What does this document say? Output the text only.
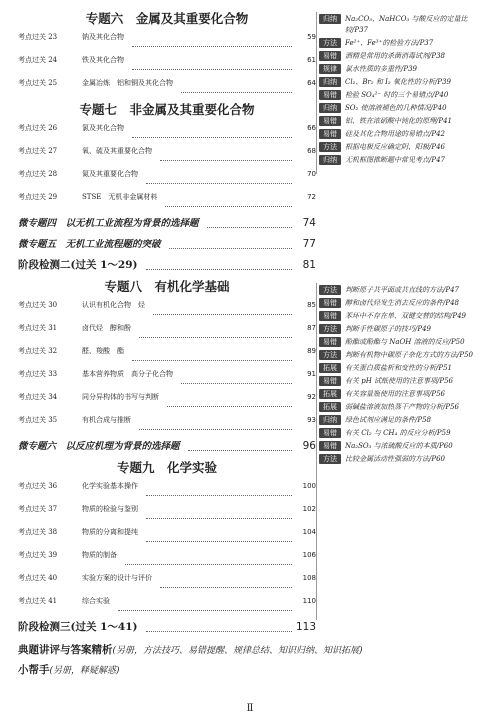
专题六　金属及其重要化合物
考点过关 23	钠及其化合物	59
考点过关 24	铁及其化合物	61
考点过关 25	金属冶炼　铝和铜及其化合物	64
专题七　非金属及其重要化合物
考点过关 26	氯及其化合物	66
考点过关 27	氧、硫及其重要化合物	68
考点过关 28	氮及其重要化合物	70
考点过关 29	STSE　无机非金属材料	72
微专题四　以无机工业流程为背景的选择题	74
微专题五　无机工业流程题的突破	77
阶段检测二(过关 1～29)	81
专题八　有机化学基础
考点过关 30	认识有机化合物　烃	85
考点过关 31	卤代烃　醇和酚	87
考点过关 32	醛、羧酸　酯	89
考点过关 33	基本营养物质　高分子化合物	91
考点过关 34	同分异构体的书写与判断	92
考点过关 35	有机合成与推断	93
微专题六　以反应机理为背景的选择题	96
专题九　化学实验
考点过关 36	化学实验基本操作	100
考点过关 37	物质的检验与鉴别	102
考点过关 38	物质的分离和提纯	104
考点过关 39	物质的制备	106
考点过关 40	实验方案的设计与评价	108
考点过关 41	综合实验	110
阶段检测三(过关 1～41)	113
归纳	Na₂CO₃、NaHCO₃ 与酸反应的定量比较/P37
方法	Fe²⁺、Fe³⁺的检验方法/P37
易错	酒精是常用的杀菌消毒试剂/P38
规律	氯水性质的多重性/P39
归纳	Cl₂、Br₂ 和 I₂ 氧化性的分析/P39
易错	检验 SO₄²⁻ 时的三个易错点/P40
归纳	SO₂ 使溶液褪色的几种情况/P40
易错	铝、铁在浓硝酸中钝化的原理/P41
易错	硅及其化合物用途的易错点/P42
方法	根据电极反应确定阴、阳极/P46
归纳	无机框图推断题中常见考点/P47
方法	判断原子共平面或共直线的方法/P47
易错	醇和卤代烃发生消去反应的条件/P48
易错	苯环中不存在单、双键交替的结构/P49
方法	判断手性碳原子的技巧/P49
易错	酚酯或酚酯与 NaOH 溶液的反应/P50
方法	判断有机物中碳原子杂化方式的方法/P50
拓展	有关蛋白质盐析和变性的分析/P51
易错	有关 pH 试纸使用的注意事项/P56
拓展	有关容量瓶使用的注意事项/P56
拓展	弱碱盐溶液加热蒸干产物的分析/P56
归纳	绿色试剂应满足的条件/P58
易错	有关 Cl₂ 与 CH₄ 的反应分析/P59
易错	Na₂SO₃ 与浓硫酸反应的本质/P60
方法	比较金属活动性强弱的方法/P60
典题讲评与答案精析(另册，方法技巧、易错提醒、规律总结、知识归纳、知识拓展)
小帮手(另册，释疑解惑)
Ⅱ
